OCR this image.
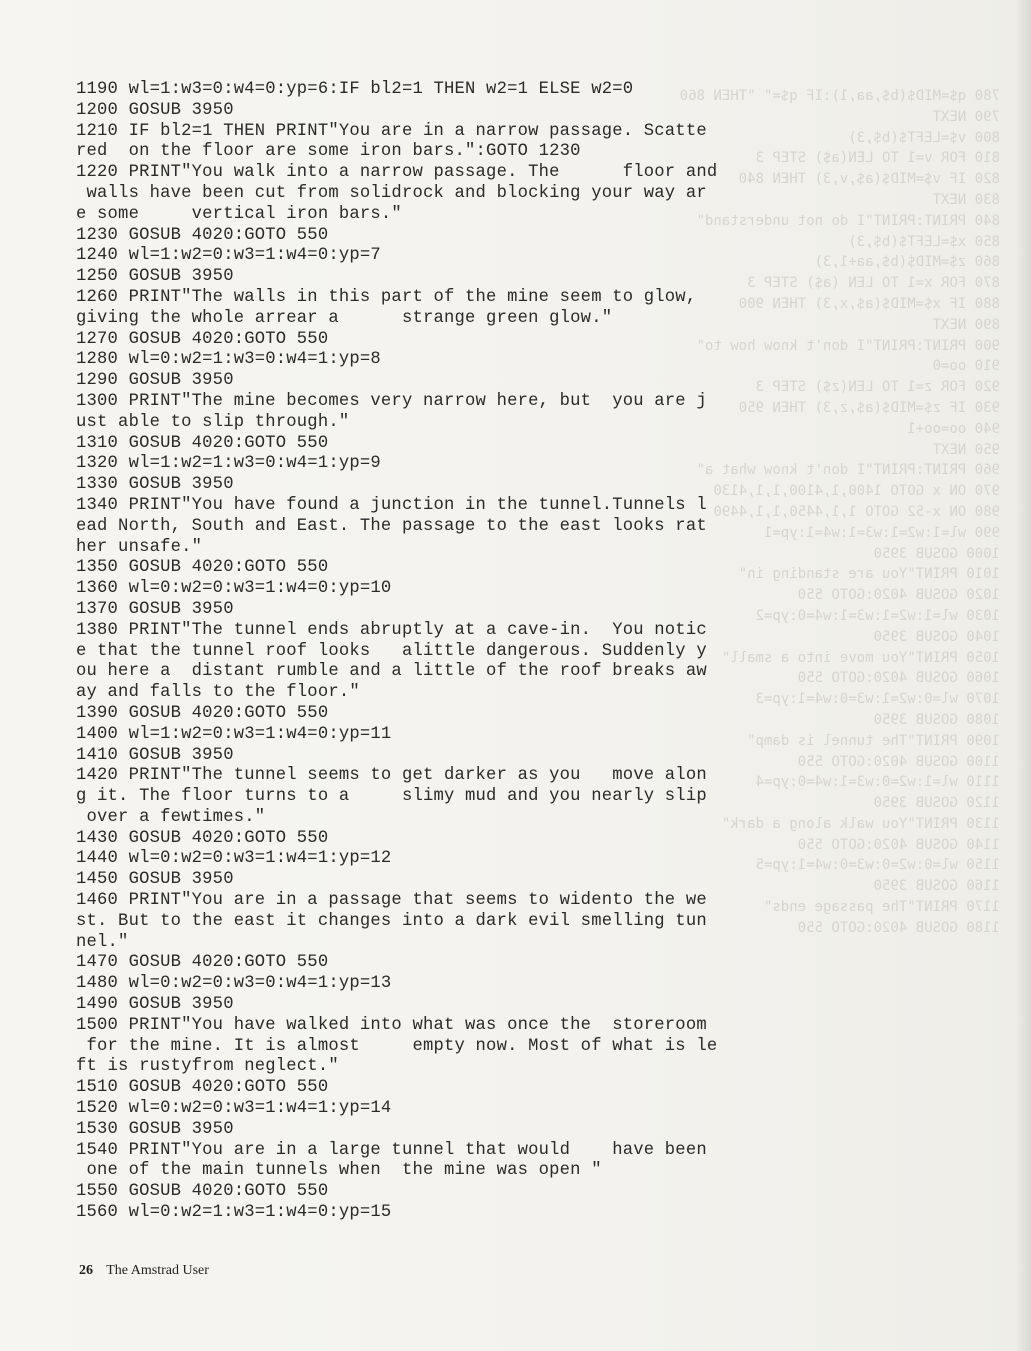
780 q$=MID$(b$,aa,1):IF q$=" "THEN 860
790 NEXT
800 v$=LEFT$(b$,3)
810 FOR v=1 TO LEN(a$) STEP 3
820 IF v$=MID$(a$,v,3) THEN 840
830 NEXT
840 PRINT:PRINT"I do not understand"
850 x$=LEFT$(b$,3)
860 z$=MID$(b$,aa+1,3)
870 FOR x=1 TO LEN (a$) STEP 3
880 IF x$=MID$(a$,x,3) THEN 900
890 NEXT
900 PRINT:PRINT"I don't know how to"
910 oo=0
920 FOR z=1 TO LEN(z$) STEP 3
930 IF z$=MID$(a$,z,3) THEN 950
940 oo=oo+1
950 NEXT
960 PRINT:PRINT"I don't know what a"
970 ON x GOTO 1400,1,4100,1,1,4130
980 ON x-52 GOTO 1,1,4450,1,1,4490
990 wl=1:w2=1:w3=1:w4=1:yp=1
1000 GOSUB 3950
1010 PRINT"You are standing in"
1020 GOSUB 4020:GOTO 550
1030 wl=1:w2=1:w3=1:w4=0:yp=2
1040 GOSUB 3950
1050 PRINT"You move into a small"
1060 GOSUB 4020:GOTO 550
1070 wl=0:w2=1:w3=0:w4=1:yp=3
1080 GOSUB 3950
1090 PRINT"The tunnel is damp"
1100 GOSUB 4020:GOTO 550
1110 wl=1:w2=0:w3=1:w4=0:yp=4
1120 GOSUB 3950
1130 PRINT"You walk along a dark"
1140 GOSUB 4020:GOTO 550
1150 wl=0:w2=0:w3=0:w4=1:yp=5
1160 GOSUB 3950
1170 PRINT"The passage ends"
1180 GOSUB 4020:GOTO 550
1190 wl=1:w3=0:w4=0:yp=6:IF bl2=1 THEN w2=1 ELSE w2=0
1200 GOSUB 3950
1210 IF bl2=1 THEN PRINT"You are in a narrow passage. Scatte
red  on the floor are some iron bars.":GOTO 1230
1220 PRINT"You walk into a narrow passage. The      floor and
walls have been cut from solidrock and blocking your way ar
e some     vertical iron bars."
1230 GOSUB 4020:GOTO 550
1240 wl=1:w2=0:w3=1:w4=0:yp=7
1250 GOSUB 3950
1260 PRINT"The walls in this part of the mine seem to glow,
giving the whole arrear a      strange green glow."
1270 GOSUB 4020:GOTO 550
1280 wl=0:w2=1:w3=0:w4=1:yp=8
1290 GOSUB 3950
1300 PRINT"The mine becomes very narrow here, but  you are j
ust able to slip through."
1310 GOSUB 4020:GOTO 550
1320 wl=1:w2=1:w3=0:w4=1:yp=9
1330 GOSUB 3950
1340 PRINT"You have found a junction in the tunnel.Tunnels l
ead North, South and East. The passage to the east looks rat
her unsafe."
1350 GOSUB 4020:GOTO 550
1360 wl=0:w2=0:w3=1:w4=0:yp=10
1370 GOSUB 3950
1380 PRINT"The tunnel ends abruptly at a cave-in.  You notic
e that the tunnel roof looks   alittle dangerous. Suddenly y
ou here a  distant rumble and a little of the roof breaks aw
ay and falls to the floor."
1390 GOSUB 4020:GOTO 550
1400 wl=1:w2=0:w3=1:w4=0:yp=11
1410 GOSUB 3950
1420 PRINT"The tunnel seems to get darker as you   move alon
g it. The floor turns to a     slimy mud and you nearly slip
over a fewtimes."
1430 GOSUB 4020:GOTO 550
1440 wl=0:w2=0:w3=1:w4=1:yp=12
1450 GOSUB 3950
1460 PRINT"You are in a passage that seems to widento the we
st. But to the east it changes into a dark evil smelling tun
nel."
1470 GOSUB 4020:GOTO 550
1480 wl=0:w2=0:w3=0:w4=1:yp=13
1490 GOSUB 3950
1500 PRINT"You have walked into what was once the  storeroom
for the mine. It is almost     empty now. Most of what is le
ft is rustyfrom neglect."
1510 GOSUB 4020:GOTO 550
1520 wl=0:w2=0:w3=1:w4=1:yp=14
1530 GOSUB 3950
1540 PRINT"You are in a large tunnel that would    have been
one of the main tunnels when  the mine was open "
1550 GOSUB 4020:GOTO 550
1560 wl=0:w2=1:w3=1:w4=0:yp=15
26 The Amstrad User
